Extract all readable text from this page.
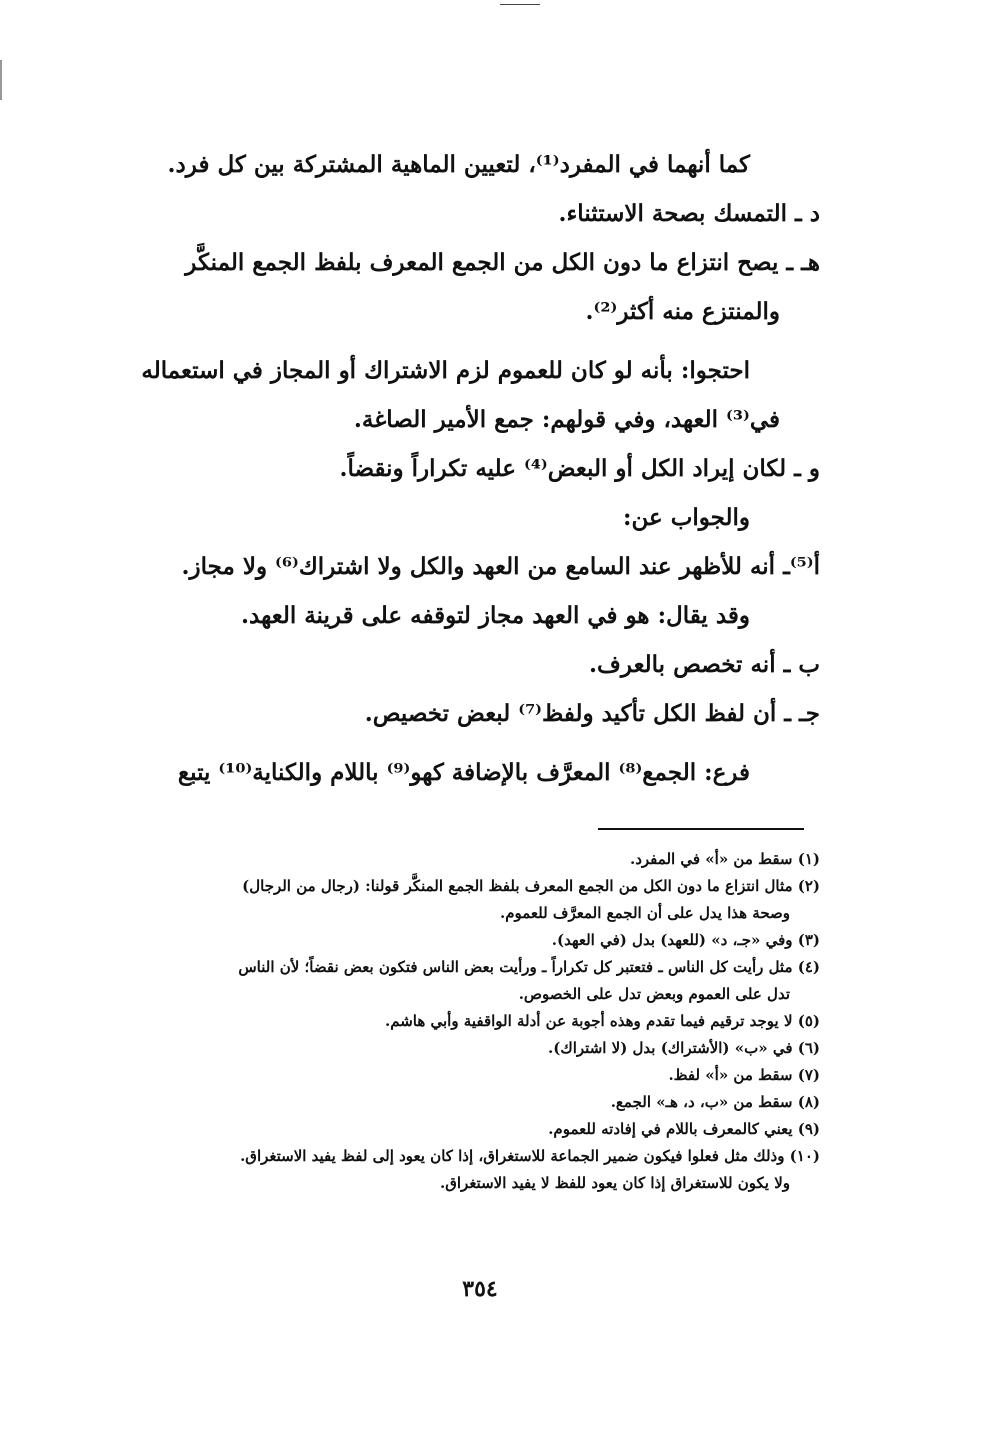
كما أنهما في المفرد⁽¹⁾، لتعيين الماهية المشتركة بين كل فرد.
د ـ التمسك بصحة الاستثناء.
هـ ـ يصح انتزاع ما دون الكل من الجمع المعرف بلفظ الجمع المنكَّر
والمنتزع منه أكثر⁽²⁾.
احتجوا: بأنه لو كان للعموم لزم الاشتراك أو المجاز في استعماله
في⁽³⁾ العهد، وفي قولهم: جمع الأمير الصاغة.
و ـ لكان إيراد الكل أو البعض⁽⁴⁾ عليه تكراراً ونقضاً.
والجواب عن:
أ⁽⁵⁾ـ أنه للأظهر عند السامع من العهد والكل ولا اشتراك⁽⁶⁾ ولا مجاز.
وقد يقال: هو في العهد مجاز لتوقفه على قرينة العهد.
ب ـ أنه تخصص بالعرف.
جـ ـ أن لفظ الكل تأكيد ولفظ⁽⁷⁾ لبعض تخصيص.
فرع: الجمع⁽⁸⁾ المعرَّف بالإضافة كهو⁽⁹⁾ باللام والكناية⁽¹⁰⁾ يتبع
(١) سقط من «أ» في المفرد.
(٢) مثال انتزاع ما دون الكل من الجمع المعرف بلفظ الجمع المنكَّر قولنا: (رجال من الرجال)
وصحة هذا يدل على أن الجمع المعرَّف للعموم.
(٣) وفي «جـ، د» (للعهد) بدل (في العهد).
(٤) مثل رأيت كل الناس ـ فتعتبر كل تكراراً ـ ورأيت بعض الناس فتكون بعض نقضاً؛ لأن الناس
تدل على العموم وبعض تدل على الخصوص.
(٥) لا يوجد ترقيم فيما تقدم وهذه أجوبة عن أدلة الواقفية وأبي هاشم.
(٦) في «ب» (الأشتراك) بدل (لا اشتراك).
(٧) سقط من «أ» لفظ.
(٨) سقط من «ب، د، هـ» الجمع.
(٩) يعني كالمعرف باللام في إفادته للعموم.
(١٠) وذلك مثل فعلوا فيكون ضمير الجماعة للاستغراق، إذا كان يعود إلى لفظ يفيد الاستغراق.
ولا يكون للاستغراق إذا كان يعود للفظ لا يفيد الاستغراق.
٣٥٤
